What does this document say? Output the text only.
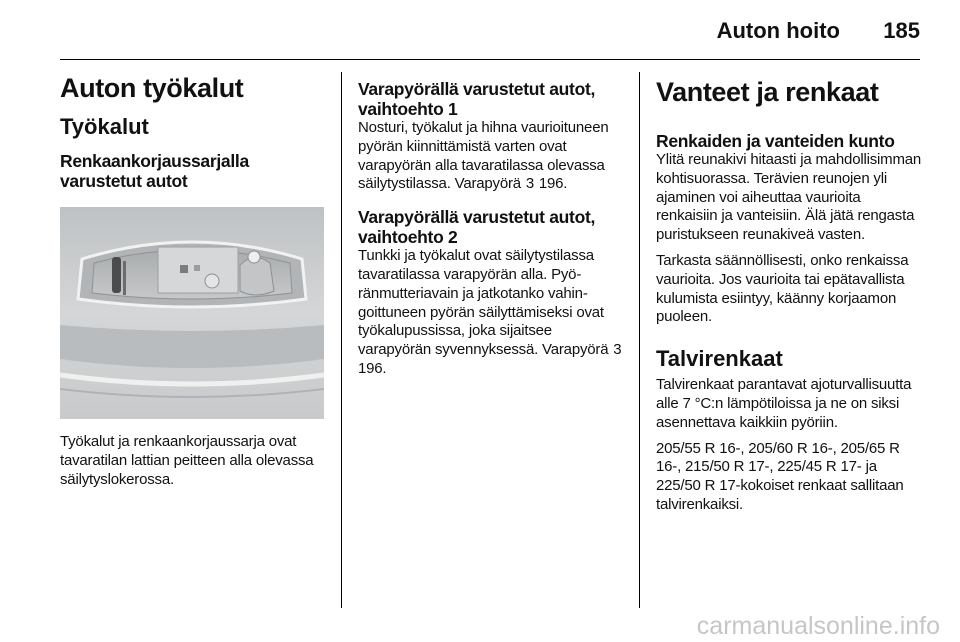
Auton hoito	185
Auton työkalut
Työkalut
Renkaankorjaussarjalla varustetut autot

Työkalut ja renkaankorjaussarja ovat tavaratilan lattian peitteen alla olevassa säilytyslokerossa.

Varapyörällä varustetut autot, vaihtoehto 1

Nosturi, työkalut ja hihna vaurioituneen pyörän kiinnittämistä varten ovat varapyörän alla tavaratilassa olevassa säilytystilassa. Varapyörä 3 196.

Varapyörällä varustetut autot, vaihtoehto 2

Tunkki ja työkalut ovat säilytystilassa tavaratilassa varapyörän alla. Pyöränmutteriavain ja jatkotanko vahingoittuneen pyörän säilyttämiseksi ovat työkalupussissa, joka sijaitsee varapyörän syvennyksessä. Varapyörä 3 196.

Vanteet ja renkaat
Renkaiden ja vanteiden kunto

Ylitä reunakivi hitaasti ja mahdollisimman kohtisuorassa. Terävien reunojen yli ajaminen voi aiheuttaa vaurioita renkaisiin ja vanteisiin. Älä jätä rengasta puristukseen reunakiveä vasten.

Tarkasta säännöllisesti, onko renkaissa vaurioita. Jos vaurioita tai epätavallista kulumista esiintyy, käänny korjaamon puoleen.

Talvirenkaat

Talvirenkaat parantavat ajoturvallisuutta alle 7 °C:n lämpötiloissa ja ne on siksi asennettava kaikkiin pyöriin.

205/55 R 16-, 205/60 R 16-, 205/65 R 16-, 215/50 R 17-, 225/45 R 17- ja 225/50 R 17-kokoiset renkaat sallitaan talvirenkaiksi.

carmanualsonline.info
